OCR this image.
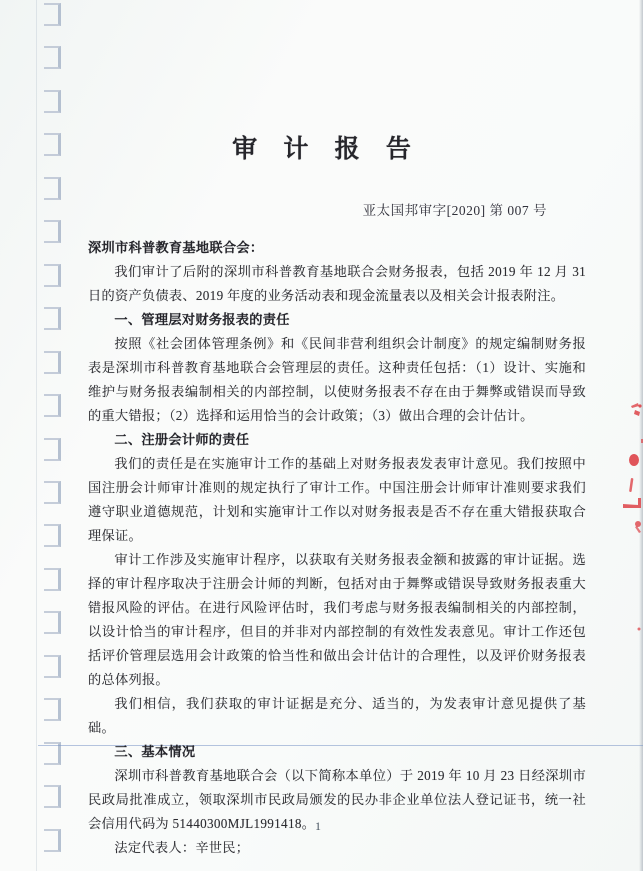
审 计 报 告
亚太国邦审字[2020] 第 007 号

深圳市科普教育基地联合会：

我们审计了后附的深圳市科普教育基地联合会财务报表，包括 2019 年 12 月 31 日的资产负债表、2019 年度的业务活动表和现金流量表以及相关会计报表附注。

一、管理层对财务报表的责任

按照《社会团体管理条例》和《民间非营利组织会计制度》的规定编制财务报表是深圳市科普教育基地联合会管理层的责任。这种责任包括：（1）设计、实施和维护与财务报表编制相关的内部控制，以使财务报表不存在由于舞弊或错误而导致的重大错报；（2）选择和运用恰当的会计政策；（3）做出合理的会计估计。

二、注册会计师的责任

我们的责任是在实施审计工作的基础上对财务报表发表审计意见。我们按照中国注册会计师审计准则的规定执行了审计工作。中国注册会计师审计准则要求我们遵守职业道德规范，计划和实施审计工作以对财务报表是否不存在重大错报获取合理保证。

审计工作涉及实施审计程序，以获取有关财务报表金额和披露的审计证据。选择的审计程序取决于注册会计师的判断，包括对由于舞弊或错误导致财务报表重大错报风险的评估。在进行风险评估时，我们考虑与财务报表编制相关的内部控制，以设计恰当的审计程序，但目的并非对内部控制的有效性发表意见。审计工作还包括评价管理层选用会计政策的恰当性和做出会计估计的合理性，以及评价财务报表的总体列报。

我们相信，我们获取的审计证据是充分、适当的，为发表审计意见提供了基础。

三、基本情况

深圳市科普教育基地联合会（以下简称本单位）于 2019 年 10 月 23 日经深圳市民政局批准成立，领取深圳市民政局颁发的民办非企业单位法人登记证书，统一社会信用代码为 51440300MJL1991418。

法定代表人：辛世民；

1
